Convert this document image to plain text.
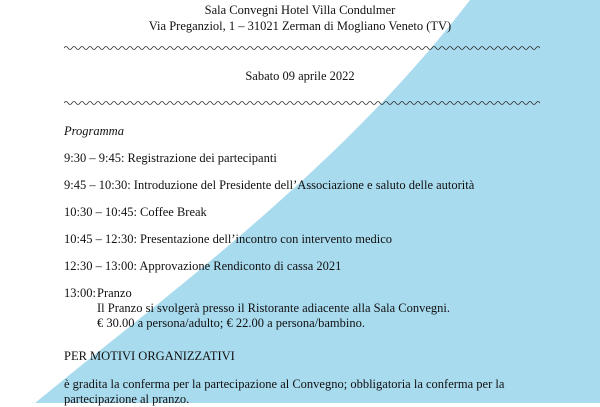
Sala Convegni Hotel Villa Condulmer
Via Preganziol, 1 – 31021 Zerman di Mogliano Veneto (TV)
Sabato 09 aprile 2022
Programma
9:30 – 9:45: Registrazione dei partecipanti
9:45 – 10:30: Introduzione del Presidente dell’Associazione e saluto delle autorità
10:30 – 10:45: Coffee Break
10:45 – 12:30: Presentazione dell’incontro con intervento medico
12:30 – 13:00: Approvazione Rendiconto di cassa 2021
13:00: Pranzo
Il Pranzo si svolgerà presso il Ristorante adiacente alla Sala Convegni.
€ 30.00 a persona/adulto; € 22.00 a persona/bambino.
PER MOTIVI ORGANIZZATIVI
è gradita la conferma per la partecipazione al Convegno; obbligatoria la conferma per la
partecipazione al pranzo.
